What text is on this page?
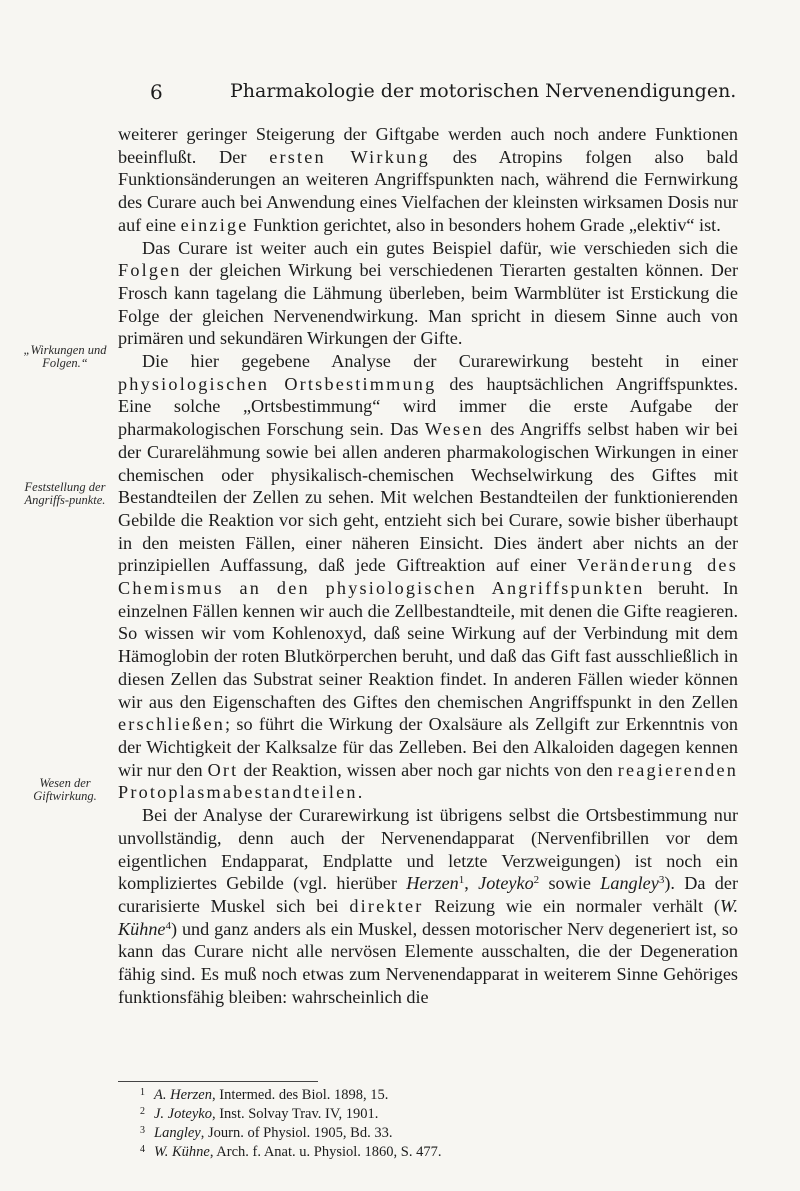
6	Pharmakologie der motorischen Nervenendigungen.
„Wirkungen und Folgen.“
Feststellung der Angriffs-punkte.
Wesen der Giftwirkung.

weiterer geringer Steigerung der Giftgabe werden auch noch andere Funktionen beeinflußt. Der ersten Wirkung des Atropins folgen also bald Funktionsänderungen an weiteren Angriffspunkten nach, während die Fernwirkung des Curare auch bei Anwendung eines Vielfachen der kleinsten wirksamen Dosis nur auf eine einzige Funktion gerichtet, also in besonders hohem Grade „elektiv“ ist.

Das Curare ist weiter auch ein gutes Beispiel dafür, wie verschieden sich die Folgen der gleichen Wirkung bei verschiedenen Tierarten gestalten können. Der Frosch kann tagelang die Lähmung überleben, beim Warmblüter ist Erstickung die Folge der gleichen Nervenendwirkung. Man spricht in diesem Sinne auch von primären und sekundären Wirkungen der Gifte.

Die hier gegebene Analyse der Curarewirkung besteht in einer physiologischen Ortsbestimmung des hauptsächlichen Angriffspunktes. Eine solche „Ortsbestimmung“ wird immer die erste Aufgabe der pharmakologischen Forschung sein. Das Wesen des Angriffs selbst haben wir bei der Curarelähmung sowie bei allen anderen pharmakologischen Wirkungen in einer chemischen oder physikalisch-chemischen Wechselwirkung des Giftes mit Bestandteilen der Zellen zu sehen. Mit welchen Bestandteilen der funktionierenden Gebilde die Reaktion vor sich geht, entzieht sich bei Curare, sowie bisher überhaupt in den meisten Fällen, einer näheren Einsicht. Dies ändert aber nichts an der prinzipiellen Auffassung, daß jede Giftreaktion auf einer Veränderung des Chemismus an den physiologischen Angriffspunkten beruht. In einzelnen Fällen kennen wir auch die Zellbestandteile, mit denen die Gifte reagieren. So wissen wir vom Kohlenoxyd, daß seine Wirkung auf der Verbindung mit dem Hämoglobin der roten Blutkörperchen beruht, und daß das Gift fast ausschließlich in diesen Zellen das Substrat seiner Reaktion findet. In anderen Fällen wieder können wir aus den Eigenschaften des Giftes den chemischen Angriffspunkt in den Zellen erschließen; so führt die Wirkung der Oxalsäure als Zellgift zur Erkenntnis von der Wichtigkeit der Kalksalze für das Zelleben. Bei den Alkaloiden dagegen kennen wir nur den Ort der Reaktion, wissen aber noch gar nichts von den reagierenden Protoplasmabestandteilen.

Bei der Analyse der Curarewirkung ist übrigens selbst die Ortsbestimmung nur unvollständig, denn auch der Nervenendapparat (Nervenfibrillen vor dem eigentlichen Endapparat, Endplatte und letzte Verzweigungen) ist noch ein kompliziertes Gebilde (vgl. hierüber Herzen$^1$, Joteyko$^2$ sowie Langley$^3$). Da der curarisierte Muskel sich bei direkter Reizung wie ein normaler verhält (W. Kühne$^4$) und ganz anders als ein Muskel, dessen motorischer Nerv degeneriert ist, so kann das Curare nicht alle nervösen Elemente ausschalten, die der Degeneration fähig sind. Es muß noch etwas zum Nervenendapparat in weiterem Sinne Gehöriges funktionsfähig bleiben: wahrscheinlich die

1 A. Herzen, Intermed. des Biol. 1898, 15.
2 J. Joteyko, Inst. Solvay Trav. IV, 1901.
3 Langley, Journ. of Physiol. 1905, Bd. 33.
4 W. Kühne, Arch. f. Anat. u. Physiol. 1860, S. 477.
